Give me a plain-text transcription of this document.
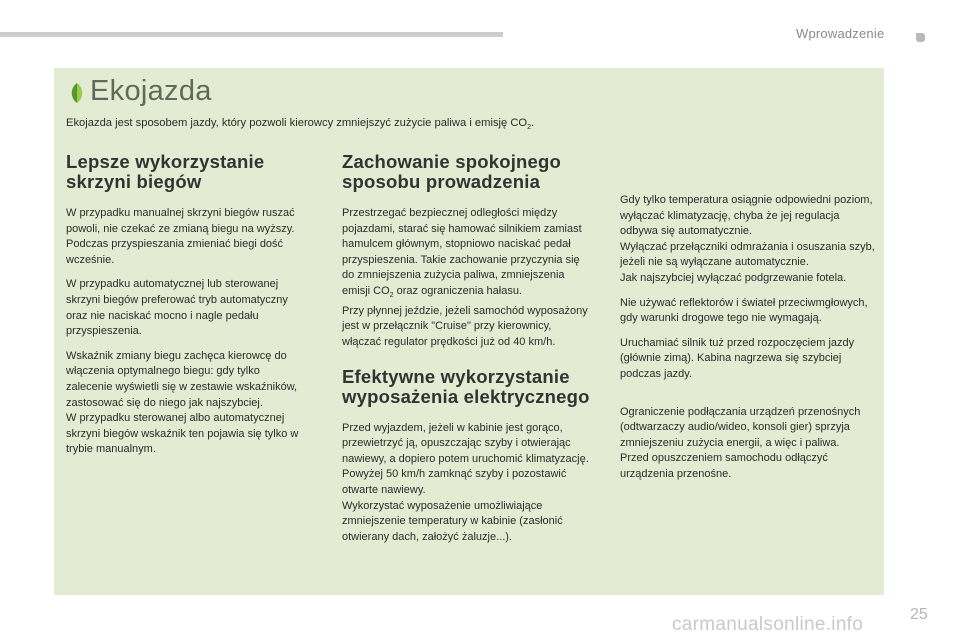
Wprowadzenie
Ekojazda
Ekojazda jest sposobem jazdy, który pozwoli kierowcy zmniejszyć zużycie paliwa i emisję $CO_2$.
Lepsze wykorzystanie skrzyni biegów

W przypadku manualnej skrzyni biegów ruszać powoli, nie czekać ze zmianą biegu na wyższy. Podczas przyspieszania zmieniać biegi dość wcześnie.

W przypadku automatycznej lub sterowanej skrzyni biegów preferować tryb automatyczny oraz nie naciskać mocno i nagle pedału przyspieszenia.

Wskaźnik zmiany biegu zachęca kierowcę do włączenia optymalnego biegu: gdy tylko zalecenie wyświetli się w zestawie wskaźników, zastosować się do niego jak najszybciej.
W przypadku sterowanej albo automatycznej skrzyni biegów wskaźnik ten pojawia się tylko w trybie manualnym.

Zachowanie spokojnego sposobu prowadzenia

Przestrzegać bezpiecznej odległości między pojazdami, starać się hamować silnikiem zamiast hamulcem głównym, stopniowo naciskać pedał przyspieszenia. Takie zachowanie przyczynia się do zmniejszenia zużycia paliwa, zmniejszenia emisji $CO_2$ oraz ograniczenia hałasu.
Przy płynnej jeździe, jeżeli samochód wyposażony jest w przełącznik "Cruise" przy kierownicy, włączać regulator prędkości już od 40 km/h.

Efektywne wykorzystanie wyposażenia elektrycznego

Przed wyjazdem, jeżeli w kabinie jest gorąco, przewietrzyć ją, opuszczając szyby i otwierając nawiewy, a dopiero potem uruchomić klimatyzację.
Powyżej 50 km/h zamknąć szyby i pozostawić otwarte nawiewy.
Wykorzystać wyposażenie umożliwiające zmniejszenie temperatury w kabinie (zasłonić otwierany dach, założyć żaluzje...).

Gdy tylko temperatura osiągnie odpowiedni poziom, wyłączać klimatyzację, chyba że jej regulacja odbywa się automatycznie.
Wyłączać przełączniki odmrażania i osuszania szyb, jeżeli nie są wyłączane automatycznie.
Jak najszybciej wyłączać podgrzewanie fotela.

Nie używać reflektorów i świateł przeciwmgłowych, gdy warunki drogowe tego nie wymagają.

Uruchamiać silnik tuż przed rozpoczęciem jazdy (głównie zimą). Kabina nagrzewa się szybciej podczas jazdy.

Ograniczenie podłączania urządzeń przenośnych (odtwarzaczy audio/wideo, konsoli gier) sprzyja zmniejszeniu zużycia energii, a więc i paliwa.
Przed opuszczeniem samochodu odłączyć urządzenia przenośne.

25
carmanualsonline.info
